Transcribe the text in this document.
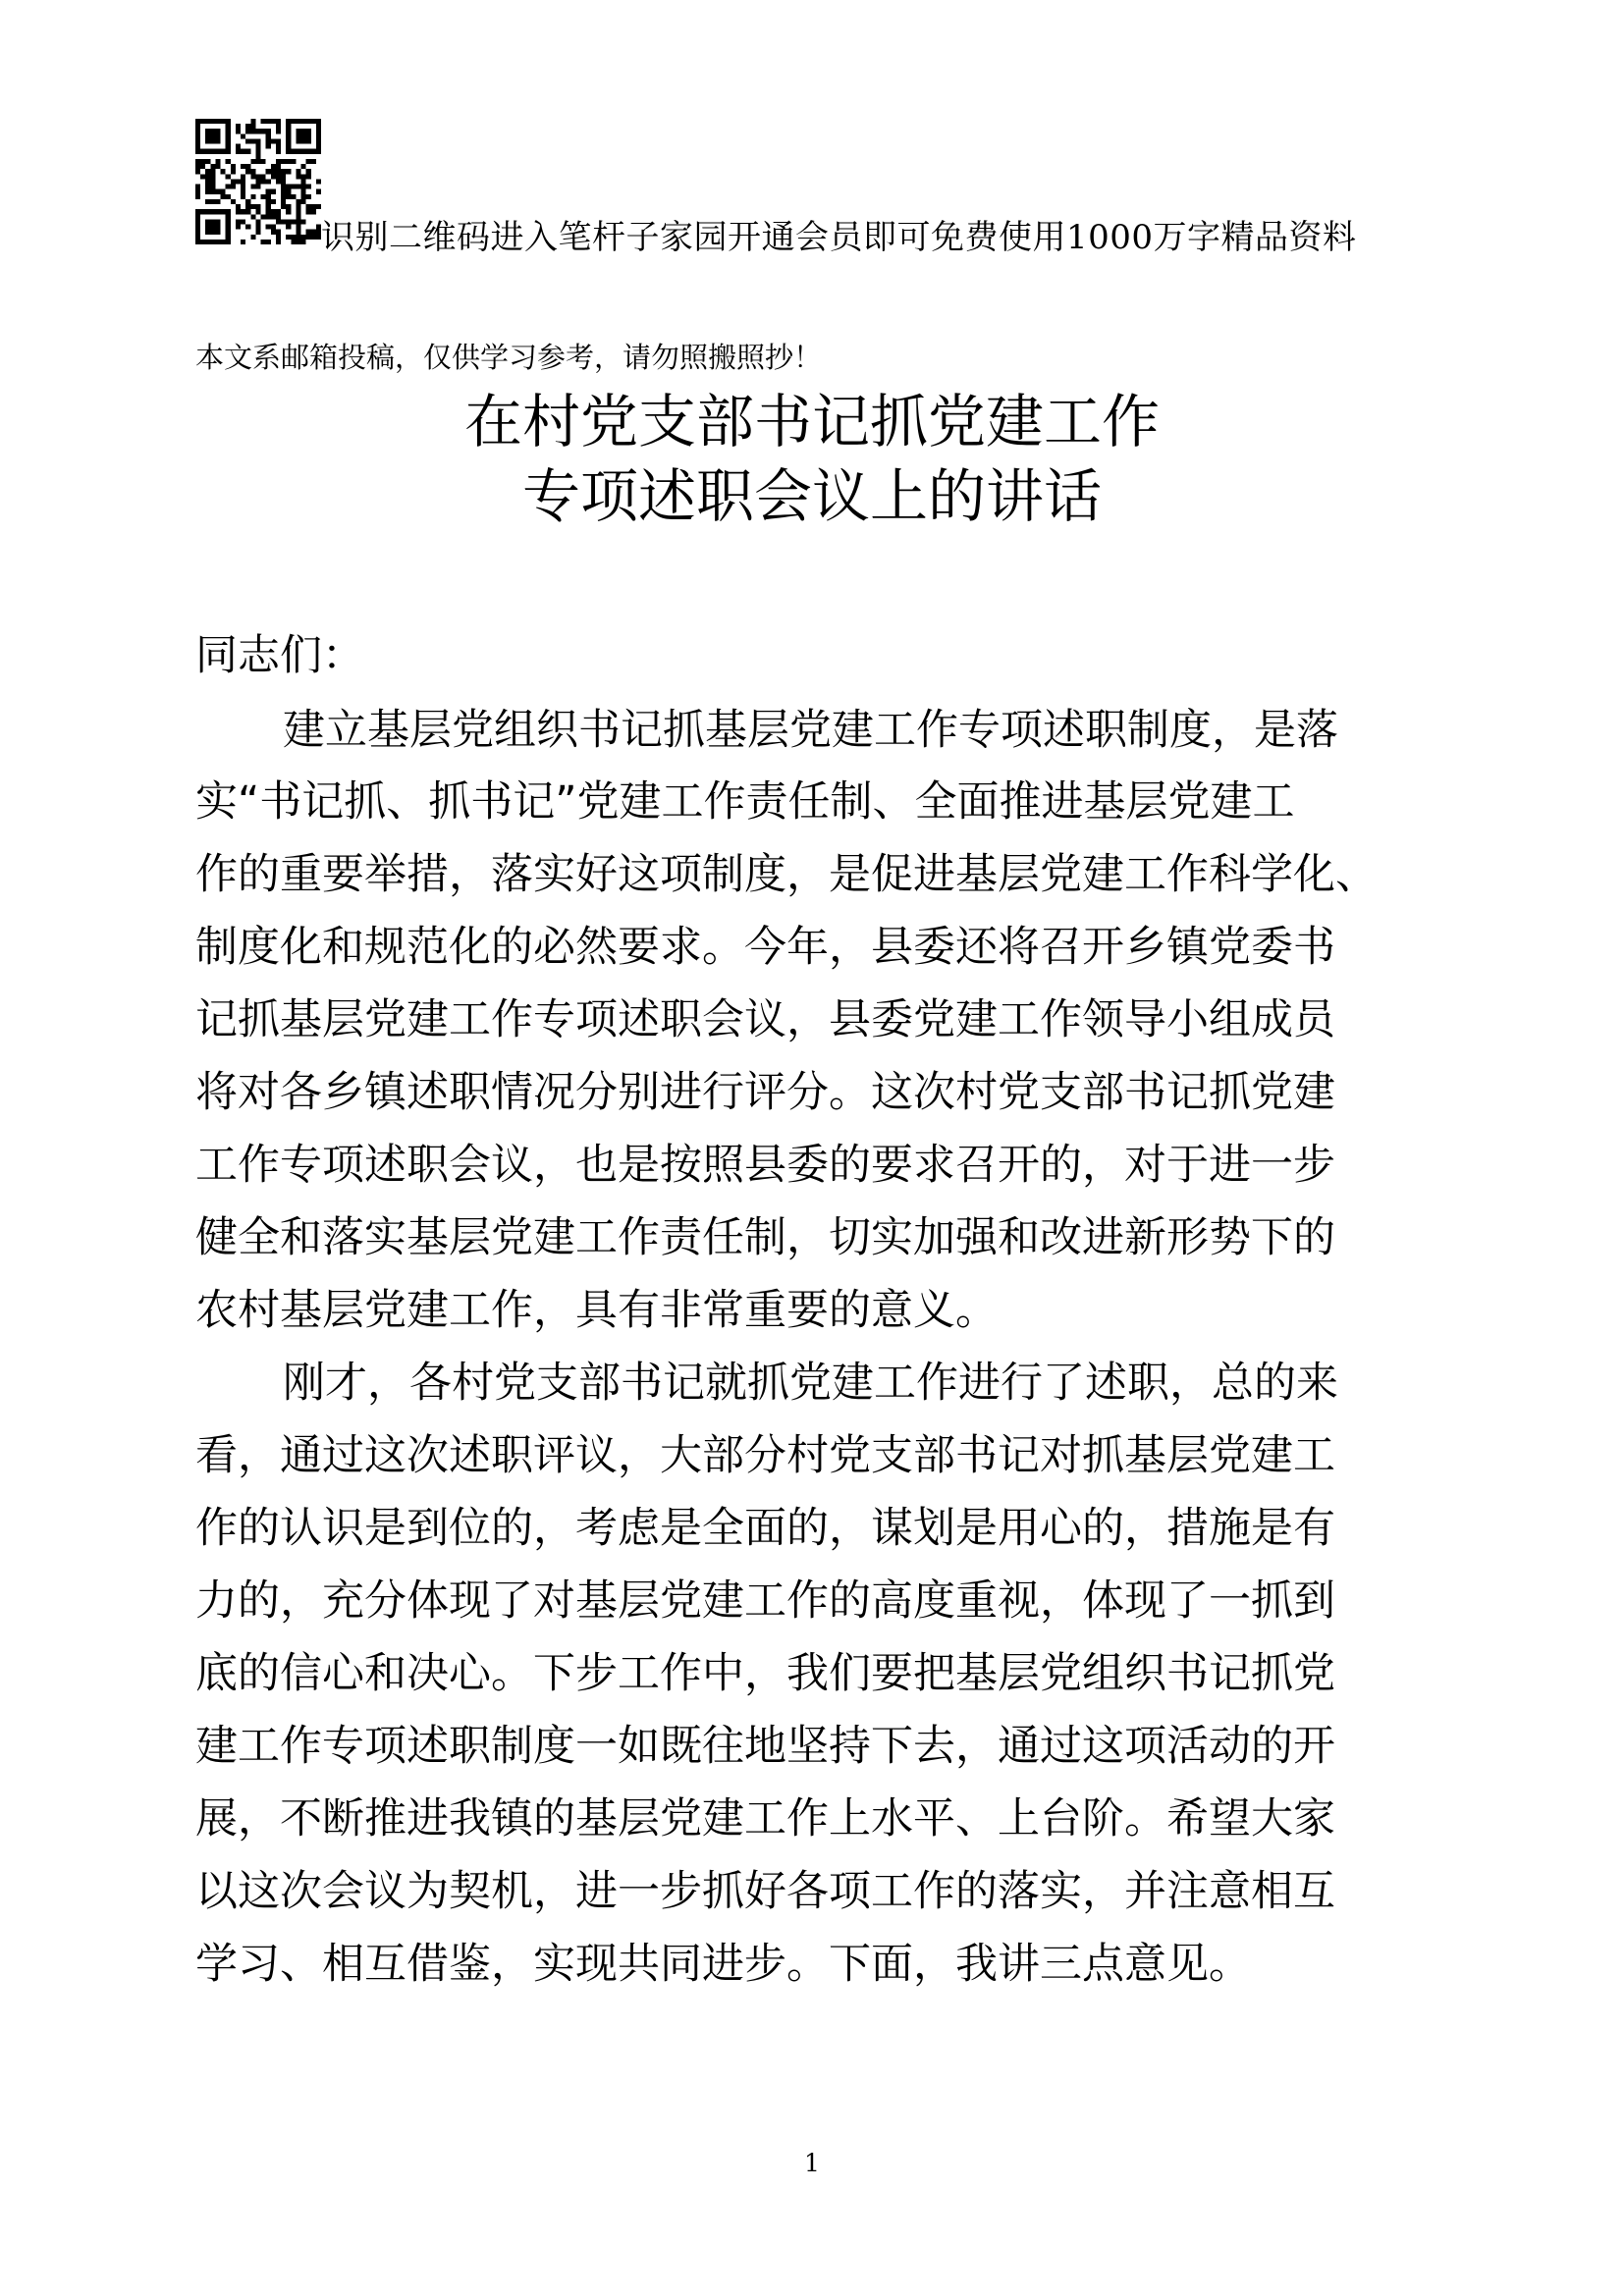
识别二维码进入笔杆子家园开通会员即可免费使用1000万字精品资料
本文系邮箱投稿，仅供学习参考，请勿照搬照抄！
在村党支部书记抓党建工作
专项述职会议上的讲话
同志们：
建立基层党组织书记抓基层党建工作专项述职制度，是落
实“书记抓、抓书记”党建工作责任制、全面推进基层党建工
作的重要举措，落实好这项制度，是促进基层党建工作科学化、
制度化和规范化的必然要求。今年，县委还将召开乡镇党委书
记抓基层党建工作专项述职会议，县委党建工作领导小组成员
将对各乡镇述职情况分别进行评分。这次村党支部书记抓党建
工作专项述职会议，也是按照县委的要求召开的，对于进一步
健全和落实基层党建工作责任制，切实加强和改进新形势下的
农村基层党建工作，具有非常重要的意义。
刚才，各村党支部书记就抓党建工作进行了述职，总的来
看，通过这次述职评议，大部分村党支部书记对抓基层党建工
作的认识是到位的，考虑是全面的，谋划是用心的，措施是有
力的，充分体现了对基层党建工作的高度重视，体现了一抓到
底的信心和决心。下步工作中，我们要把基层党组织书记抓党
建工作专项述职制度一如既往地坚持下去，通过这项活动的开
展，不断推进我镇的基层党建工作上水平、上台阶。希望大家
以这次会议为契机，进一步抓好各项工作的落实，并注意相互
学习、相互借鉴，实现共同进步。下面，我讲三点意见。
1
